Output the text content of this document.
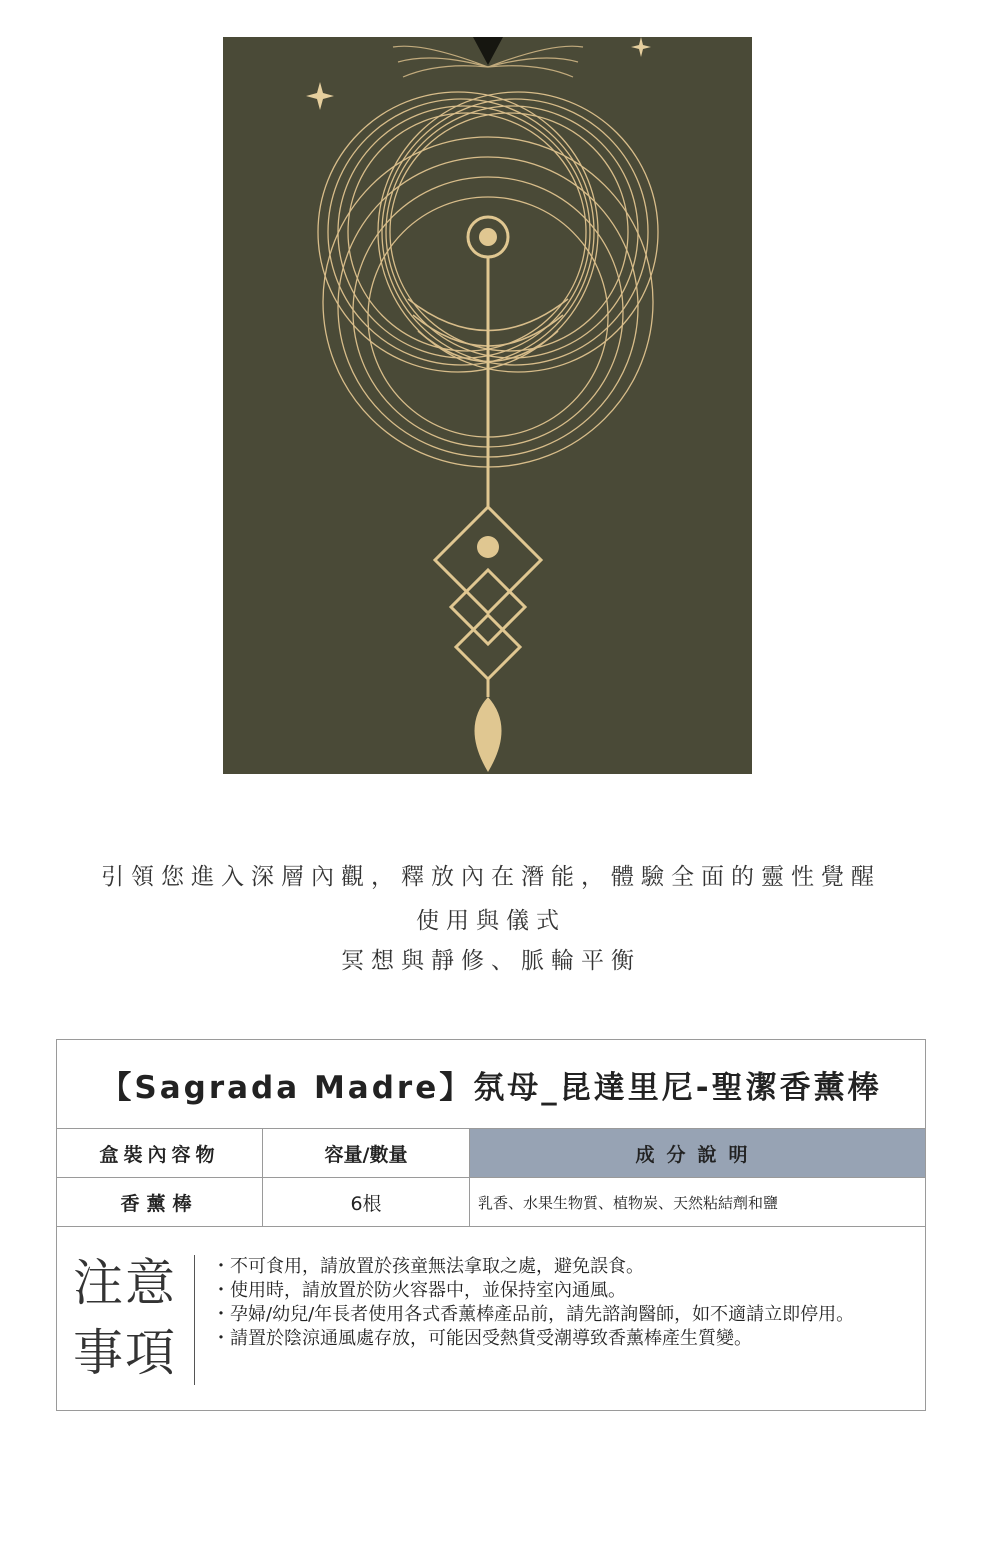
引領您進入深層內觀，釋放內在潛能，體驗全面的靈性覺醒
使用與儀式
冥想與靜修、脈輪平衡
【Sagrada Madre】氛母_昆達里尼-聖潔香薰棒
盒裝內容物	容量/數量	成分說明
香薰棒	6根	乳香、水果生物質、植物炭、天然粘結劑和鹽
注意事項
・不可食用，請放置於孩童無法拿取之處，避免誤食。
・使用時，請放置於防火容器中，並保持室內通風。
・孕婦/幼兒/年長者使用各式香薰棒產品前，請先諮詢醫師，如不適請立即停用。
・請置於陰涼通風處存放，可能因受熱貨受潮導致香薰棒產生質變。
